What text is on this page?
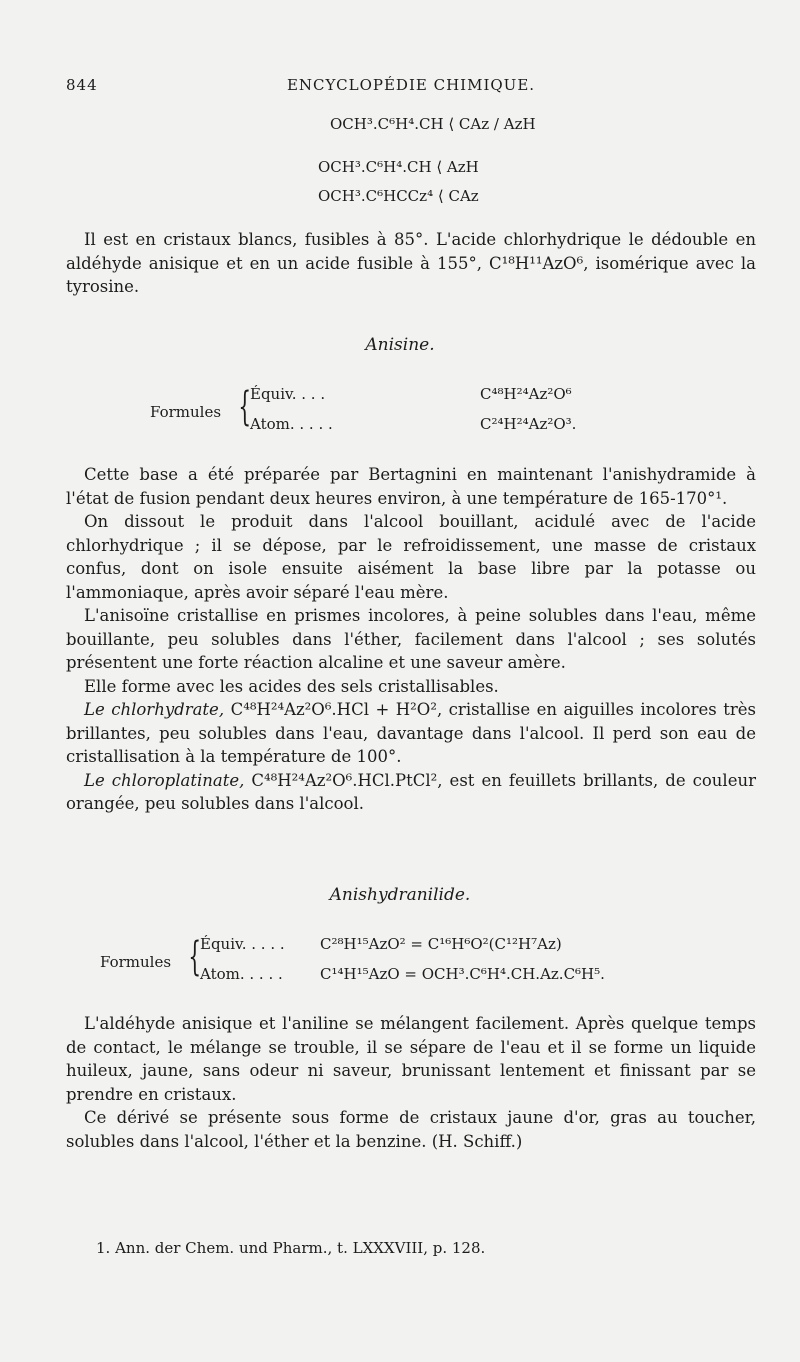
844	ENCYCLOPÉDIE CHIMIQUE.
OCH³.C⁶H⁴.CH ⟨ CAz / AzH
OCH³.C⁶H⁴.CH ⟨ AzH
OCH³.C⁶HCCz⁴ ⟨ CAz

Il est en cristaux blancs, fusibles à 85°. L'acide chlorhydrique le dédouble en aldéhyde anisique et en un acide fusible à 155°, C¹⁸H¹¹AzO⁶, isomérique avec la tyrosine.

Anisine.
Formules {
Équiv. . . .	C⁴⁸H²⁴Az²O⁶
Atom. . . . .	C²⁴H²⁴Az²O³.

Cette base a été préparée par Bertagnini en maintenant l'anishydramide à l'état de fusion pendant deux heures environ, à une température de 165-170°¹.

On dissout le produit dans l'alcool bouillant, acidulé avec de l'acide chlorhydrique ; il se dépose, par le refroidissement, une masse de cristaux confus, dont on isole ensuite aisément la base libre par la potasse ou l'ammoniaque, après avoir séparé l'eau mère.

L'anisoïne cristallise en prismes incolores, à peine solubles dans l'eau, même bouillante, peu solubles dans l'éther, facilement dans l'alcool ; ses solutés présentent une forte réaction alcaline et une saveur amère.

Elle forme avec les acides des sels cristallisables.

Le chlorhydrate, C⁴⁸H²⁴Az²O⁶.HCl + H²O², cristallise en aiguilles incolores très brillantes, peu solubles dans l'eau, davantage dans l'alcool. Il perd son eau de cristallisation à la température de 100°.

Le chloroplatinate, C⁴⁸H²⁴Az²O⁶.HCl.PtCl², est en feuillets brillants, de couleur orangée, peu solubles dans l'alcool.

Anishydranilide.
Formules {
Équiv. . . . . C²⁸H¹⁵AzO² = C¹⁶H⁶O²(C¹²H⁷Az)
Atom. . . . . C¹⁴H¹⁵AzO = OCH³.C⁶H⁴.CH.Az.C⁶H⁵.

L'aldéhyde anisique et l'aniline se mélangent facilement. Après quelque temps de contact, le mélange se trouble, il se sépare de l'eau et il se forme un liquide huileux, jaune, sans odeur ni saveur, brunissant lentement et finissant par se prendre en cristaux.

Ce dérivé se présente sous forme de cristaux jaune d'or, gras au toucher, solubles dans l'alcool, l'éther et la benzine. (H. Schiff.)

1. Ann. der Chem. und Pharm., t. LXXXVIII, p. 128.
